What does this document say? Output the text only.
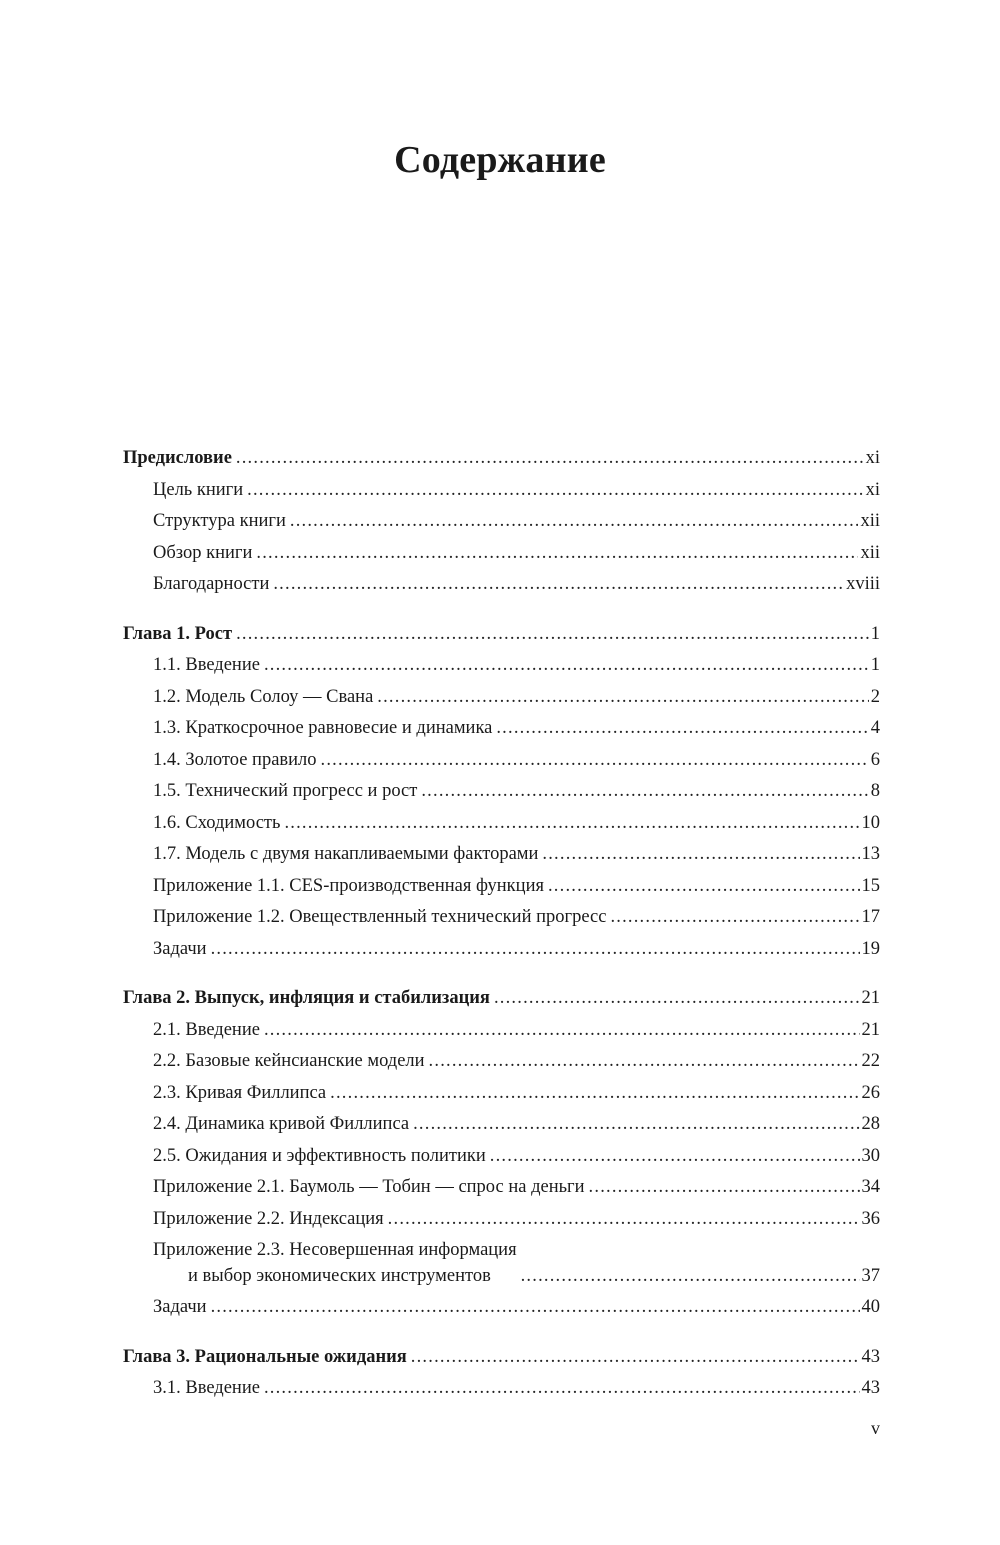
Содержание
Предисловие .....	xi
Цель книги .....	xi
Структура книги .....	xii
Обзор книги .....	xii
Благодарности .....	xviii
Глава 1. Рост .....	1
1.1. Введение .....	1
1.2. Модель Солоу — Свана .....	2
1.3. Краткосрочное равновесие и динамика .....	4
1.4. Золотое правило .....	6
1.5. Технический прогресс и рост .....	8
1.6. Сходимость .....	10
1.7. Модель с двумя накапливаемыми факторами .....	13
Приложение 1.1. CES-производственная функция .....	15
Приложение 1.2. Овеществленный технический прогресс .....	17
Задачи .....	19
Глава 2. Выпуск, инфляция и стабилизация .....	21
2.1. Введение .....	21
2.2. Базовые кейнсианские модели .....	22
2.3. Кривая Филлипса .....	26
2.4. Динамика кривой Филлипса .....	28
2.5. Ожидания и эффективность политики .....	30
Приложение 2.1. Баумоль — Тобин — спрос на деньги .....	34
Приложение 2.2. Индексация .....	36
Приложение 2.3. Несовершенная информация
и выбор экономических инструментов .....	37
Задачи .....	40
Глава 3. Рациональные ожидания .....	43
3.1. Введение .....	43
v
